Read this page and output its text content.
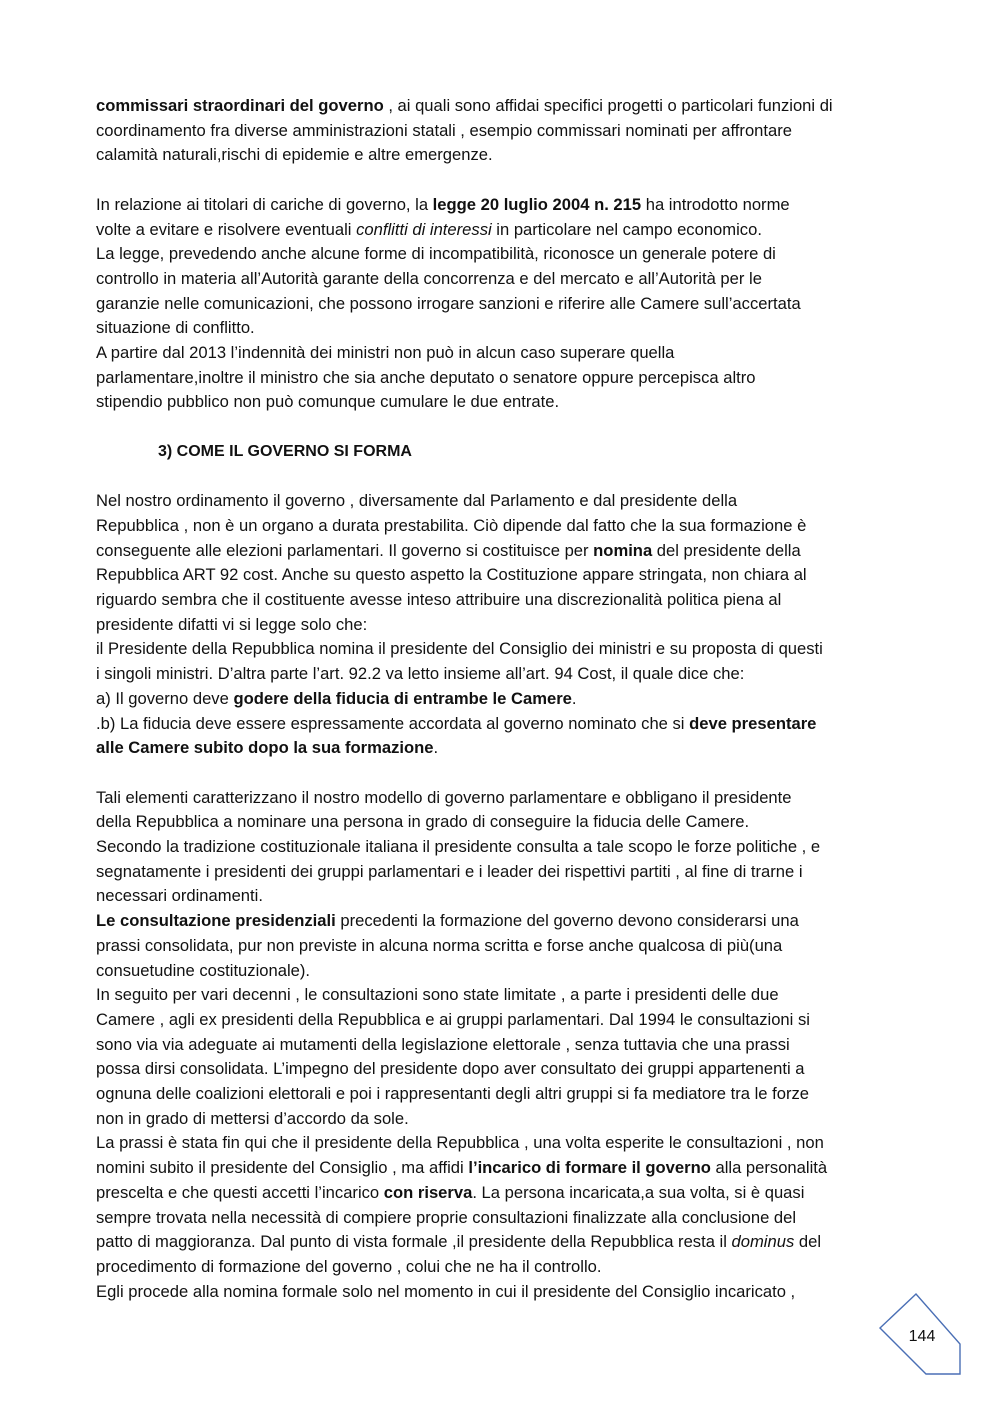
commissari straordinari del governo , ai quali sono affidai specifici progetti o particolari funzioni di
coordinamento fra diverse amministrazioni statali , esempio commissari nominati per affrontare
calamità naturali,rischi di epidemie e altre emergenze.
In relazione ai titolari di cariche di governo, la legge 20 luglio 2004 n. 215 ha introdotto norme
volte a evitare e risolvere eventuali conflitti di interessi in particolare nel campo economico.
La legge, prevedendo anche alcune forme di incompatibilità, riconosce un generale potere di
controllo in materia all’Autorità garante della concorrenza e del mercato e all’Autorità per le
garanzie nelle comunicazioni, che possono irrogare sanzioni e riferire alle Camere sull’accertata
situazione di conflitto.
A partire dal 2013 l’indennità dei ministri non può in alcun caso superare quella
parlamentare,inoltre il ministro che sia anche deputato o senatore oppure percepisca altro
stipendio pubblico non può comunque cumulare le due entrate.
3) COME IL GOVERNO SI FORMA
Nel nostro ordinamento il governo , diversamente dal Parlamento e dal presidente della
Repubblica , non è un organo a durata prestabilita. Ciò dipende dal fatto che la sua formazione è
conseguente alle elezioni parlamentari. Il governo si costituisce per nomina del presidente della
Repubblica ART 92 cost. Anche su questo aspetto la Costituzione appare stringata, non chiara al
riguardo sembra che il costituente avesse inteso attribuire una discrezionalità politica piena al
presidente difatti vi si legge solo che:
il Presidente della Repubblica nomina il presidente del Consiglio dei ministri e su proposta di questi
i singoli ministri. D’altra parte l’art. 92.2 va letto insieme all’art. 94 Cost, il quale dice che:
a) Il governo deve godere della fiducia di entrambe le Camere.
.b) La fiducia deve essere espressamente accordata al governo nominato che si deve presentare
alle Camere subito dopo la sua formazione.
Tali elementi caratterizzano il nostro modello di governo parlamentare e obbligano il presidente
della Repubblica a nominare una persona in grado di conseguire la fiducia delle Camere.
Secondo la tradizione costituzionale italiana il presidente consulta a tale scopo le forze politiche , e
segnatamente i presidenti dei gruppi parlamentari e i leader dei rispettivi partiti , al fine di trarne i
necessari ordinamenti.
Le consultazione presidenziali precedenti la formazione del governo devono considerarsi una
prassi consolidata, pur non previste in alcuna norma scritta e forse anche qualcosa di più(una
consuetudine costituzionale).
In seguito per vari decenni , le consultazioni sono state limitate , a parte i presidenti delle due
Camere , agli ex presidenti della Repubblica e ai gruppi parlamentari. Dal 1994 le consultazioni si
sono via via adeguate ai mutamenti della legislazione elettorale , senza tuttavia che una prassi
possa dirsi consolidata. L’impegno del presidente dopo aver consultato dei gruppi appartenenti a
ognuna delle coalizioni elettorali e poi i rappresentanti degli altri gruppi si fa mediatore tra le forze
non in grado di mettersi d’accordo da sole.
La prassi è stata fin qui che il presidente della Repubblica , una volta esperite le consultazioni , non
nomini subito il presidente del Consiglio , ma affidi l’incarico di formare il governo alla personalità
prescelta e che questi accetti l’incarico con riserva. La persona incaricata,a sua volta, si è quasi
sempre trovata nella necessità di compiere proprie consultazioni finalizzate alla conclusione del
patto di maggioranza. Dal punto di vista formale ,il presidente della Repubblica resta il dominus del
procedimento di formazione del governo , colui che ne ha il controllo.
Egli procede alla nomina formale solo nel momento in cui il presidente del Consiglio incaricato ,
144
